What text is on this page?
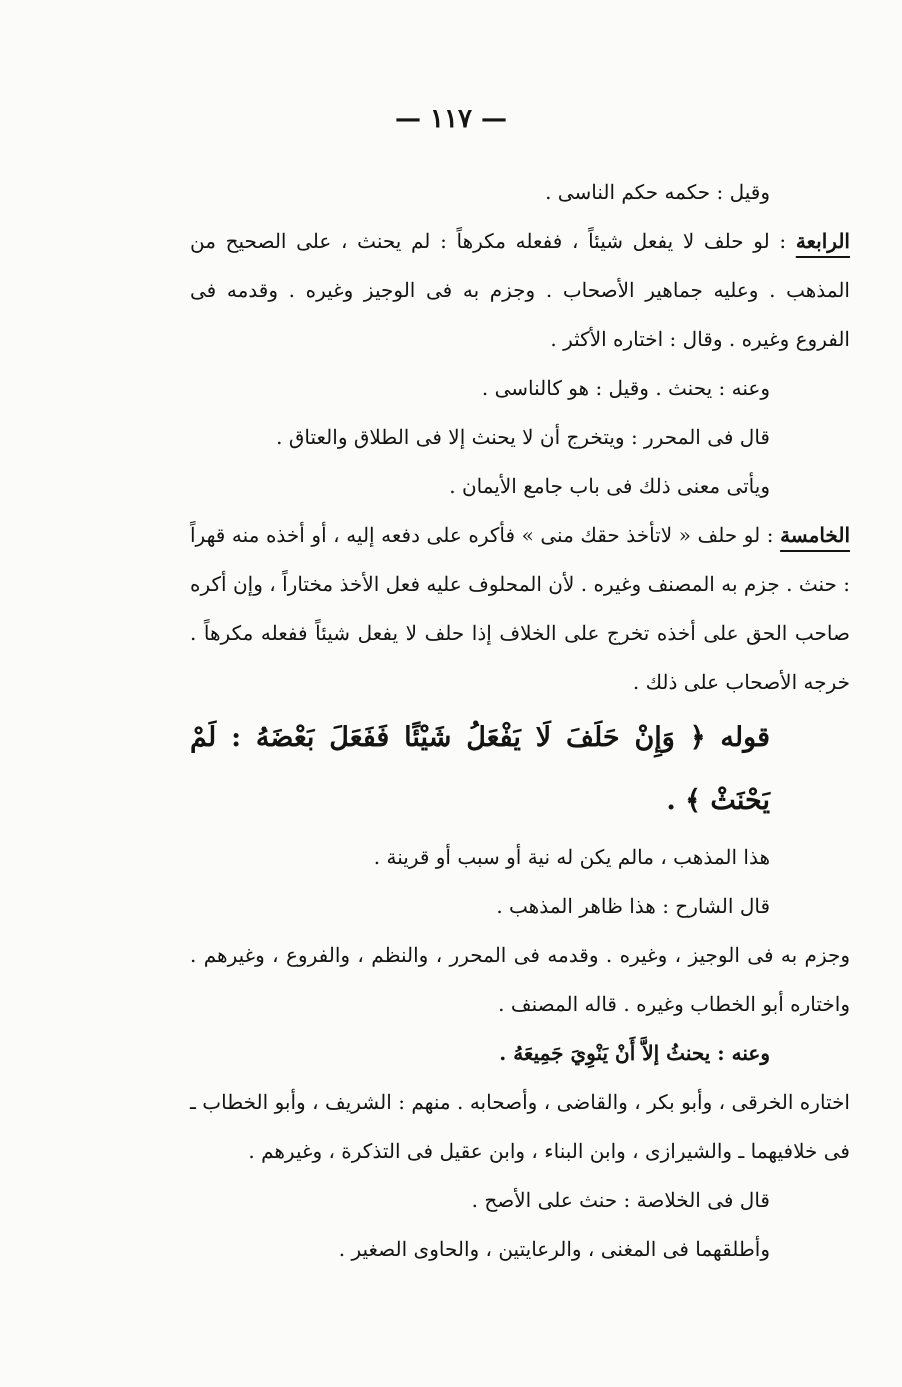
— ١١٧ —

وقيل : حكمه حكم الناسى .

الرابعة : لو حلف لا يفعل شيئاً ، ففعله مكرهاً : لم يحنث ، على الصحيح من المذهب . وعليه جماهير الأصحاب . وجزم به فى الوجيز وغيره . وقدمه فى الفروع وغيره . وقال : اختاره الأكثر .

وعنه : يحنث . وقيل : هو كالناسى .

قال فى المحرر : ويتخرج أن لا يحنث إلا فى الطلاق والعتاق .

ويأتى معنى ذلك فى باب جامع الأيمان .

الخامسة : لو حلف « لاتأخذ حقك منى » فأكره على دفعه إليه ، أو أخذه منه قهراً : حنث . جزم به المصنف وغيره . لأن المحلوف عليه فعل الأخذ مختاراً ، وإن أكره صاحب الحق على أخذه تخرج على الخلاف إذا حلف لا يفعل شيئاً ففعله مكرهاً . خرجه الأصحاب على ذلك .

قوله ﴿ وَإِنْ حَلَفَ لَا يَفْعَلُ شَيْئًا فَفَعَلَ بَعْضَهُ : لَمْ يَحْنَثْ ﴾ .

هذا المذهب ، مالم يكن له نية أو سبب أو قرينة .

قال الشارح : هذا ظاهر المذهب .

وجزم به فى الوجيز ، وغيره . وقدمه فى المحرر ، والنظم ، والفروع ، وغيرهم . واختاره أبو الخطاب وغيره . قاله المصنف .

وعنه : يحنثُ إلاَّ أَنْ يَنْوِيَ جَمِيعَهُ .

اختاره الخرقى ، وأبو بكر ، والقاضى ، وأصحابه . منهم : الشريف ، وأبو الخطاب ـ فى خلافيهما ـ والشيرازى ، وابن البناء ، وابن عقيل فى التذكرة ، وغيرهم .

قال فى الخلاصة : حنث على الأصح .

وأطلقهما فى المغنى ، والرعايتين ، والحاوى الصغير .
